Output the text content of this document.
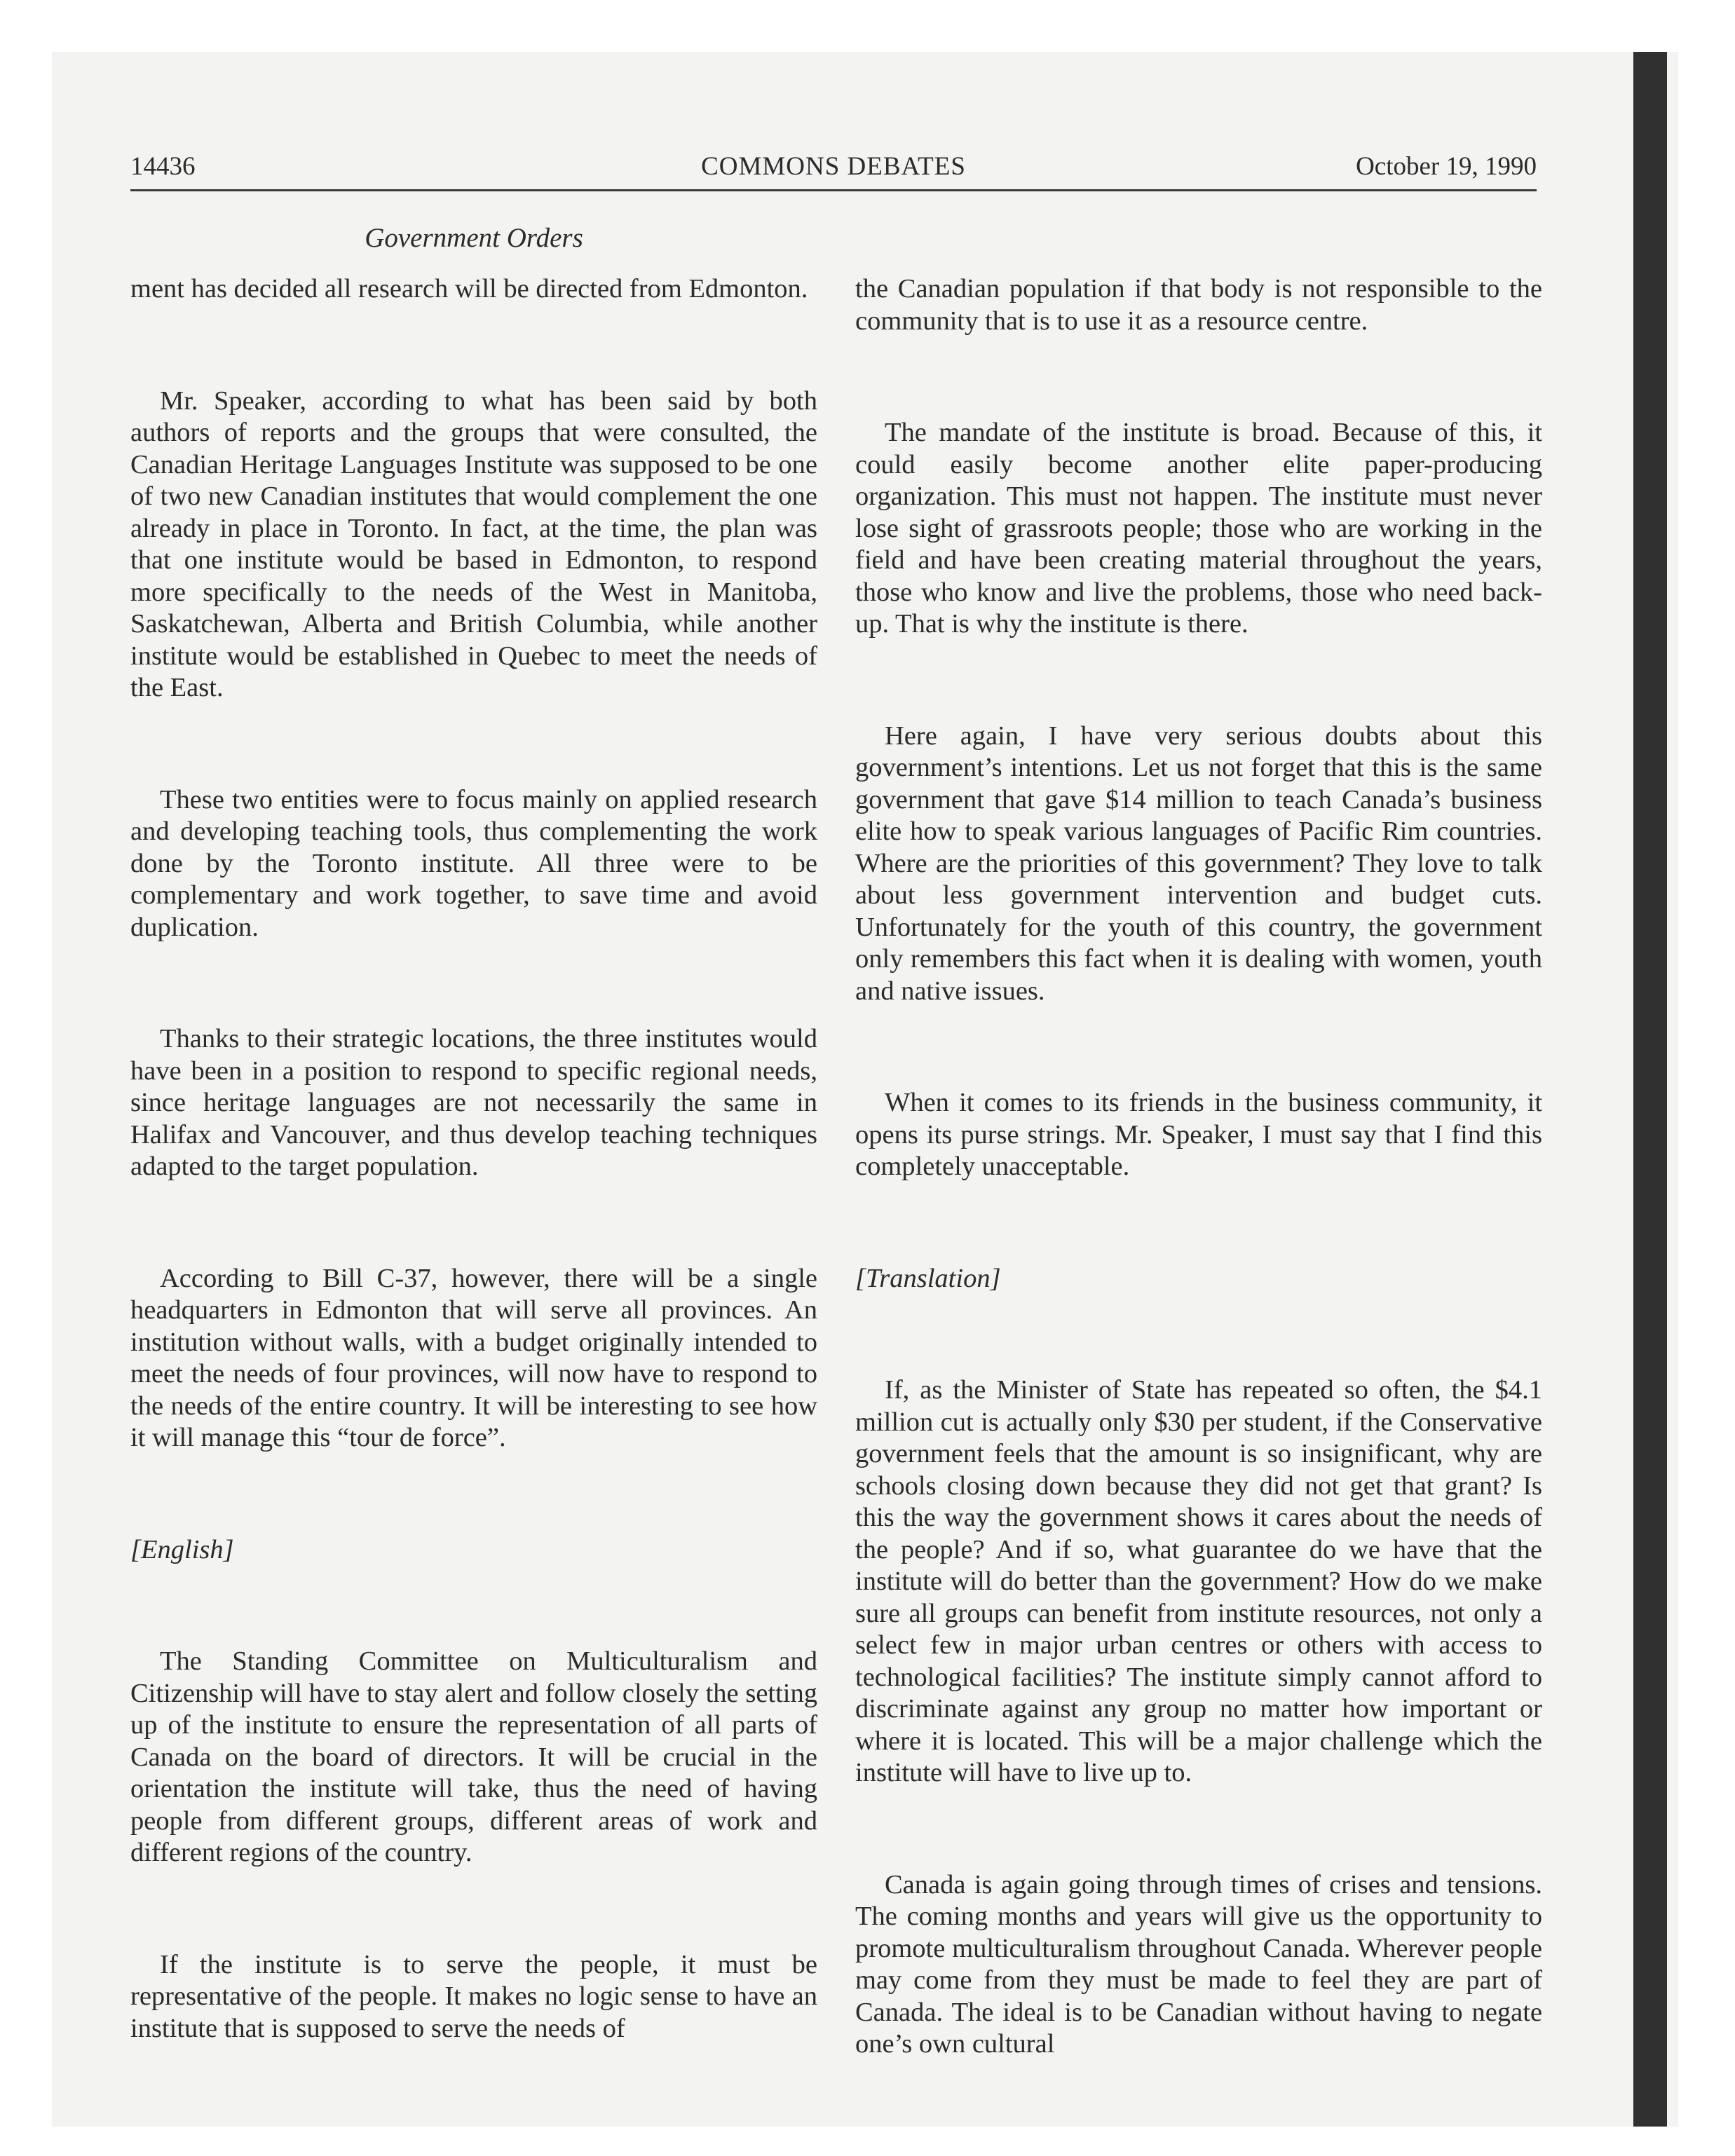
14436	COMMONS DEBATES	October 19, 1990
Government Orders

ment has decided all research will be directed from Edmonton.

Mr. Speaker, according to what has been said by both authors of reports and the groups that were consulted, the Canadian Heritage Languages Institute was supposed to be one of two new Canadian institutes that would complement the one already in place in Toronto. In fact, at the time, the plan was that one institute would be based in Edmonton, to respond more specifically to the needs of the West in Manitoba, Saskatchewan, Alberta and British Columbia, while another institute would be established in Quebec to meet the needs of the East.

These two entities were to focus mainly on applied research and developing teaching tools, thus complementing the work done by the Toronto institute. All three were to be complementary and work together, to save time and avoid duplication.

Thanks to their strategic locations, the three institutes would have been in a position to respond to specific regional needs, since heritage languages are not necessarily the same in Halifax and Vancouver, and thus develop teaching techniques adapted to the target population.

According to Bill C-37, however, there will be a single headquarters in Edmonton that will serve all provinces. An institution without walls, with a budget originally intended to meet the needs of four provinces, will now have to respond to the needs of the entire country. It will be interesting to see how it will manage this “tour de force”.

[English]

The Standing Committee on Multiculturalism and Citizenship will have to stay alert and follow closely the setting up of the institute to ensure the representation of all parts of Canada on the board of directors. It will be crucial in the orientation the institute will take, thus the need of having people from different groups, different areas of work and different regions of the country.

If the institute is to serve the people, it must be representative of the people. It makes no logic sense to have an institute that is supposed to serve the needs of

the Canadian population if that body is not responsible to the community that is to use it as a resource centre.

The mandate of the institute is broad. Because of this, it could easily become another elite paper-producing organization. This must not happen. The institute must never lose sight of grassroots people; those who are working in the field and have been creating material throughout the years, those who know and live the problems, those who need back-up. That is why the institute is there.

Here again, I have very serious doubts about this government’s intentions. Let us not forget that this is the same government that gave $14 million to teach Canada’s business elite how to speak various languages of Pacific Rim countries. Where are the priorities of this government? They love to talk about less government intervention and budget cuts. Unfortunately for the youth of this country, the government only remembers this fact when it is dealing with women, youth and native issues.

When it comes to its friends in the business community, it opens its purse strings. Mr. Speaker, I must say that I find this completely unacceptable.

[Translation]

If, as the Minister of State has repeated so often, the $4.1 million cut is actually only $30 per student, if the Conservative government feels that the amount is so insignificant, why are schools closing down because they did not get that grant? Is this the way the government shows it cares about the needs of the people? And if so, what guarantee do we have that the institute will do better than the government? How do we make sure all groups can benefit from institute resources, not only a select few in major urban centres or others with access to technological facilities? The institute simply cannot afford to discriminate against any group no matter how important or where it is located. This will be a major challenge which the institute will have to live up to.

Canada is again going through times of crises and tensions. The coming months and years will give us the opportunity to promote multiculturalism throughout Canada. Wherever people may come from they must be made to feel they are part of Canada. The ideal is to be Canadian without having to negate one’s own cultural
